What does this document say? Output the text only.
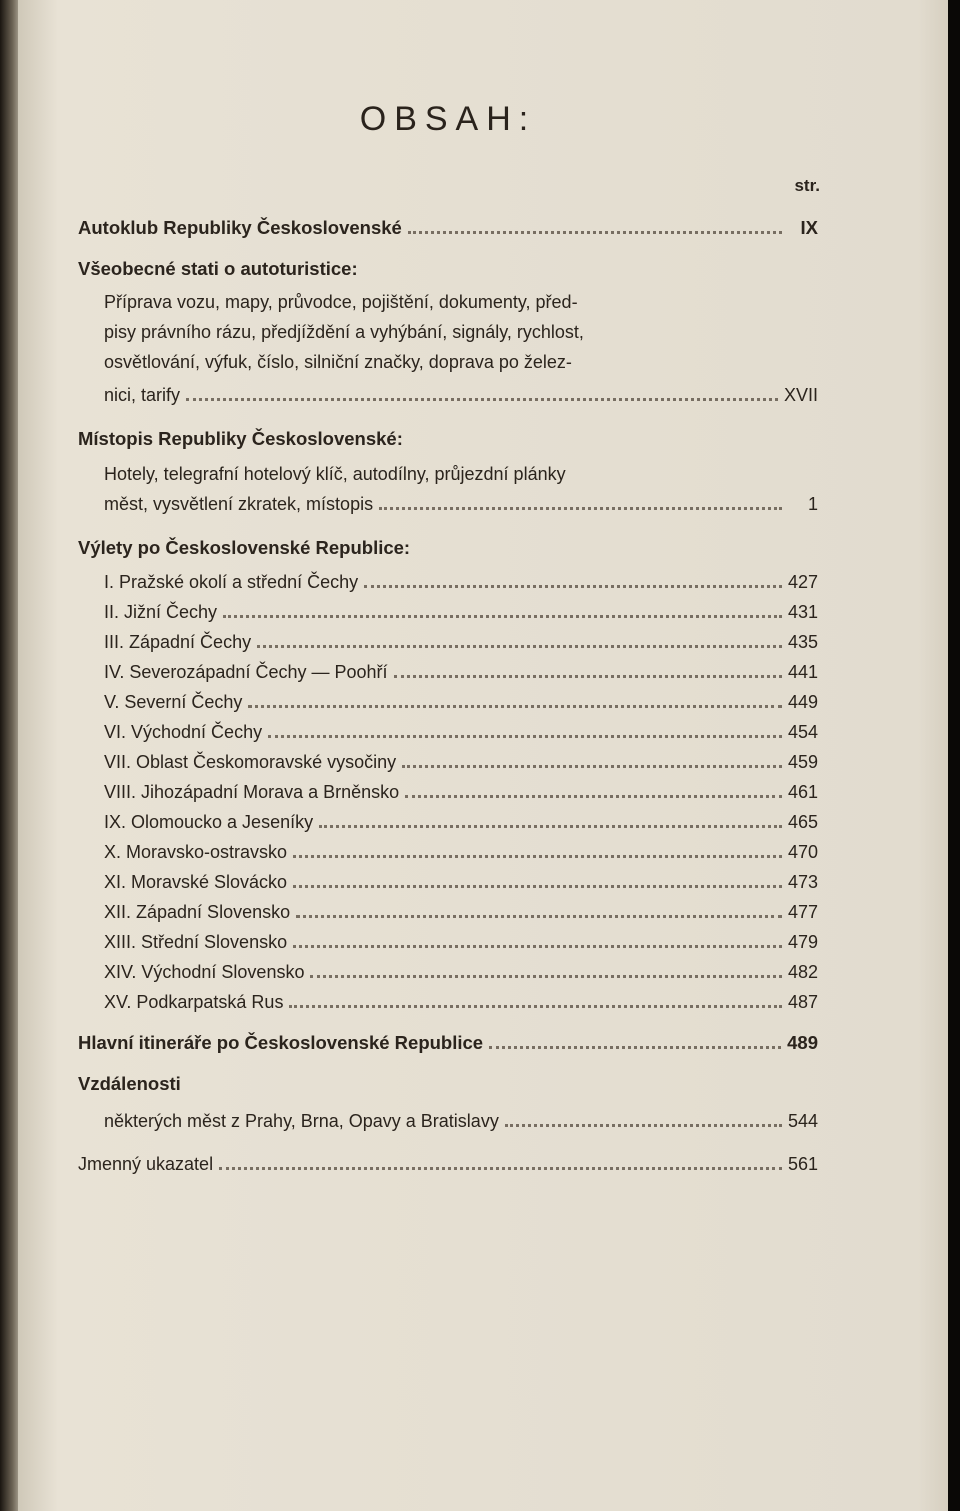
OBSAH:
str.
Autoklub Republiky Československé	IX
Všeobecné stati o autoturistice:
Příprava vozu, mapy, průvodce, pojištění, dokumenty, před-
pisy právního rázu, předjíždění a vyhýbání, signály, rychlost,
osvětlování, výfuk, číslo, silniční značky, doprava po želez-
nici, tarify	XVII
Místopis Republiky Československé:
Hotely, telegrafní hotelový klíč, autodílny, průjezdní plánky
měst, vysvětlení zkratek, místopis	1
Výlety po Československé Republice:
I. Pražské okolí a střední Čechy	427
II. Jižní Čechy	431
III. Západní Čechy	435
IV. Severozápadní Čechy — Poohří	441
V. Severní Čechy	449
VI. Východní Čechy	454
VII. Oblast Českomoravské vysočiny	459
VIII. Jihozápadní Morava a Brněnsko	461
IX. Olomoucko a Jeseníky	465
X. Moravsko-ostravsko	470
XI. Moravské Slovácko	473
XII. Západní Slovensko	477
XIII. Střední Slovensko	479
XIV. Východní Slovensko	482
XV. Podkarpatská Rus	487
Hlavní itineráře po Československé Republice	489
Vzdálenosti
některých měst z Prahy, Brna, Opavy a Bratislavy	544
Jmenný ukazatel	561
